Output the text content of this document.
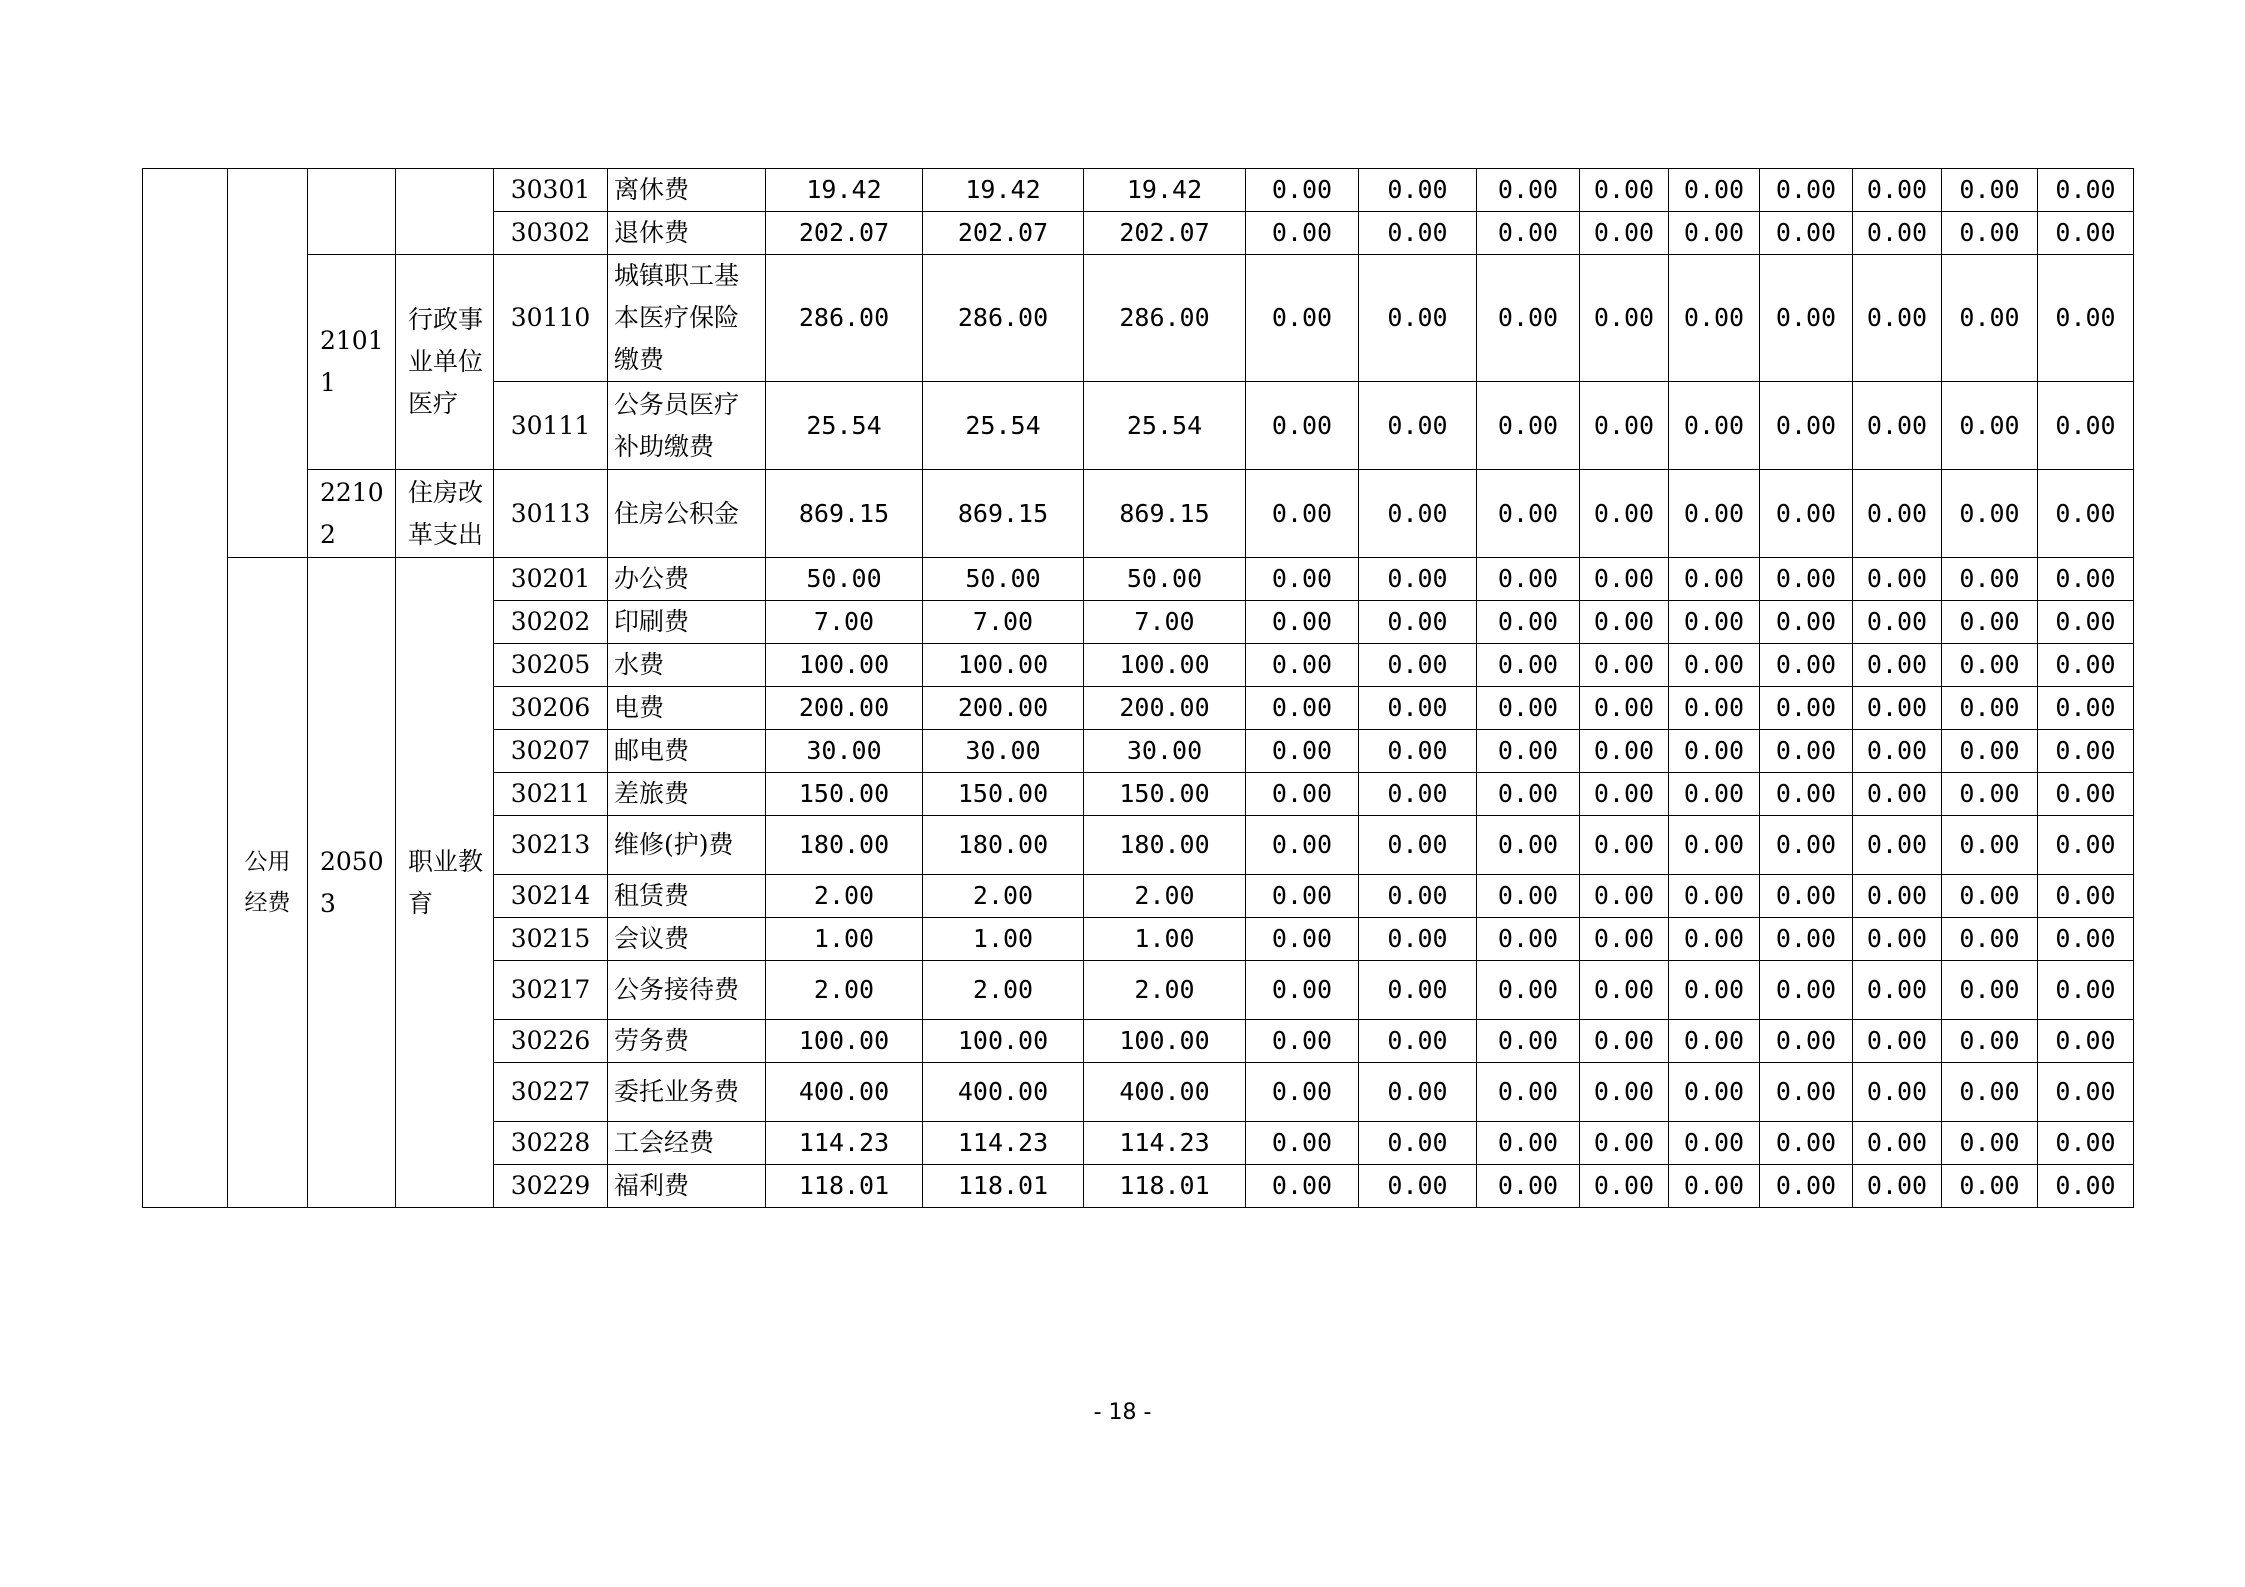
				30301	离休费	19.42	19.42	19.42	0.00	0.00	0.00	0.00	0.00	0.00	0.00	0.00	0.00
				30302	退休费	202.07	202.07	202.07	0.00	0.00	0.00	0.00	0.00	0.00	0.00	0.00	0.00
		21011	行政事业单位医疗	30110	城镇职工基本医疗保险缴费	286.00	286.00	286.00	0.00	0.00	0.00	0.00	0.00	0.00	0.00	0.00	0.00
				30111	公务员医疗补助缴费	25.54	25.54	25.54	0.00	0.00	0.00	0.00	0.00	0.00	0.00	0.00	0.00
		22102	住房改革支出	30113	住房公积金	869.15	869.15	869.15	0.00	0.00	0.00	0.00	0.00	0.00	0.00	0.00	0.00
	公用经费	20503	职业教育	30201	办公费	50.00	50.00	50.00	0.00	0.00	0.00	0.00	0.00	0.00	0.00	0.00	0.00
				30202	印刷费	7.00	7.00	7.00	0.00	0.00	0.00	0.00	0.00	0.00	0.00	0.00	0.00
				30205	水费	100.00	100.00	100.00	0.00	0.00	0.00	0.00	0.00	0.00	0.00	0.00	0.00
				30206	电费	200.00	200.00	200.00	0.00	0.00	0.00	0.00	0.00	0.00	0.00	0.00	0.00
				30207	邮电费	30.00	30.00	30.00	0.00	0.00	0.00	0.00	0.00	0.00	0.00	0.00	0.00
				30211	差旅费	150.00	150.00	150.00	0.00	0.00	0.00	0.00	0.00	0.00	0.00	0.00	0.00
				30213	维修(护)费	180.00	180.00	180.00	0.00	0.00	0.00	0.00	0.00	0.00	0.00	0.00	0.00
				30214	租赁费	2.00	2.00	2.00	0.00	0.00	0.00	0.00	0.00	0.00	0.00	0.00	0.00
				30215	会议费	1.00	1.00	1.00	0.00	0.00	0.00	0.00	0.00	0.00	0.00	0.00	0.00
				30217	公务接待费	2.00	2.00	2.00	0.00	0.00	0.00	0.00	0.00	0.00	0.00	0.00	0.00
				30226	劳务费	100.00	100.00	100.00	0.00	0.00	0.00	0.00	0.00	0.00	0.00	0.00	0.00
				30227	委托业务费	400.00	400.00	400.00	0.00	0.00	0.00	0.00	0.00	0.00	0.00	0.00	0.00
				30228	工会经费	114.23	114.23	114.23	0.00	0.00	0.00	0.00	0.00	0.00	0.00	0.00	0.00
				30229	福利费	118.01	118.01	118.01	0.00	0.00	0.00	0.00	0.00	0.00	0.00	0.00	0.00
- 18 -
